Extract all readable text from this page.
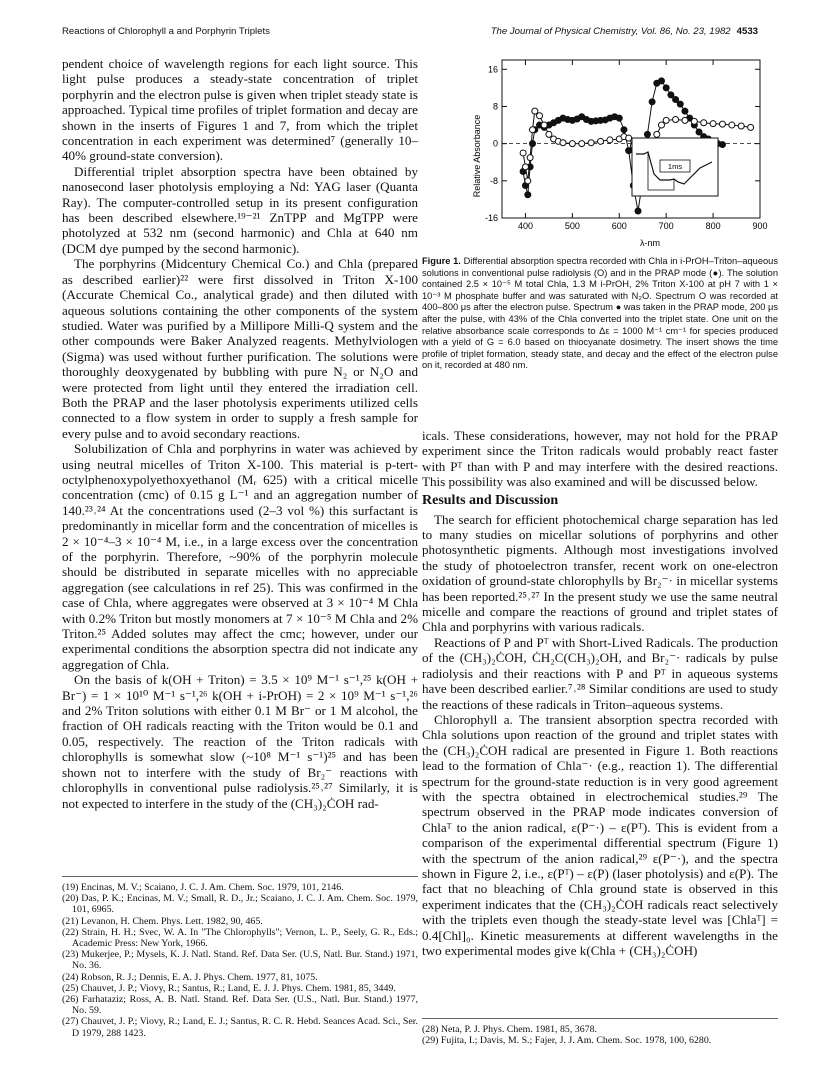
Reactions of Chlorophyll a and Porphyrin Triplets	The Journal of Physical Chemistry, Vol. 86, No. 23, 1982 4533

pendent choice of wavelength regions for each light source. This light pulse produces a steady-state concentration of triplet porphyrin and the electron pulse is given when triplet steady state is approached. Typical time profiles of triplet formation and decay are shown in the inserts of Figures 1 and 7, from which the triplet concentration in each experiment was determined⁷ (generally 10–40% ground-state conversion).

Differential triplet absorption spectra have been obtained by nanosecond laser photolysis employing a Nd: YAG laser (Quanta Ray). The computer-controlled setup in its present configuration has been described elsewhere.¹⁹⁻²¹ ZnTPP and MgTPP were photolyzed at 532 nm (second harmonic) and Chla at 640 nm (DCM dye pumped by the second harmonic).

The porphyrins (Midcentury Chemical Co.) and Chla (prepared as described earlier)²² were first dissolved in Triton X-100 (Accurate Chemical Co., analytical grade) and then diluted with aqueous solutions containing the other components of the system studied. Water was purified by a Millipore Milli-Q system and the other compounds were Baker Analyzed reagents. Methylviologen (Sigma) was used without further purification. The solutions were thoroughly deoxygenated by bubbling with pure N₂ or N₂O and were protected from light until they entered the irradiation cell. Both the PRAP and the laser photolysis experiments utilized cells connected to a flow system in order to supply a fresh sample for every pulse and to avoid secondary reactions.

Solubilization of Chla and porphyrins in water was achieved by using neutral micelles of Triton X-100. This material is p-tert-octylphenoxypolyethoxyethanol (Mᵣ 625) with a critical micelle concentration (cmc) of 0.15 g L⁻¹ and an aggregation number of 140.²³˒²⁴ At the concentrations used (2–3 vol %) this surfactant is predominantly in micellar form and the concentration of micelles is 2 × 10⁻⁴–3 × 10⁻⁴ M, i.e., in a large excess over the concentration of the porphyrin. Therefore, ~90% of the porphyrin molecule should be distributed in separate micelles with no appreciable aggregation (see calculations in ref 25). This was confirmed in the case of Chla, where aggregates were observed at 3 × 10⁻⁴ M Chla with 0.2% Triton but mostly monomers at 7 × 10⁻⁵ M Chla and 2% Triton.²⁵ Added solutes may affect the cmc; however, under our experimental conditions the absorption spectra did not indicate any aggregation of Chla.

On the basis of k(OH + Triton) = 3.5 × 10⁹ M⁻¹ s⁻¹,²⁵ k(OH + Br⁻) = 1 × 10¹⁰ M⁻¹ s⁻¹,²⁶ k(OH + i-PrOH) = 2 × 10⁹ M⁻¹ s⁻¹,²⁶ and 2% Triton solutions with either 0.1 M Br⁻ or 1 M alcohol, the fraction of OH radicals reacting with the Triton would be 0.1 and 0.05, respectively. The reaction of the Triton radicals with chlorophylls is somewhat slow (~10⁸ M⁻¹ s⁻¹)²⁵ and has been shown not to interfere with the study of Br₂⁻ reactions with chlorophylls in conventional pulse radiolysis.²⁵˒²⁷ Similarly, it is not expected to interfere in the study of the (CH₃)₂ĊOH rad-

(19) Encinas, M. V.; Scaiano, J. C. J. Am. Chem. Soc. 1979, 101, 2146.

(20) Das, P. K.; Encinas, M. V.; Small, R. D., Jr.; Scaiano, J. C. J. Am. Chem. Soc. 1979, 101, 6965.

(21) Levanon, H. Chem. Phys. Lett. 1982, 90, 465.

(22) Strain, H. H.; Svec, W. A. In "The Chlorophylls"; Vernon, L. P., Seely, G. R., Eds.; Academic Press: New York, 1966.

(23) Mukerjee, P.; Mysels, K. J. Natl. Stand. Ref. Data Ser. (U.S, Natl. Bur. Stand.) 1971, No. 36.

(24) Robson, R. J.; Dennis, E. A. J. Phys. Chem. 1977, 81, 1075.

(25) Chauvet, J. P.; Viovy, R.; Santus, R.; Land, E. J. J. Phys. Chem. 1981, 85, 3449.

(26) Farhataziz; Ross, A. B. Natl. Stand. Ref. Data Ser. (U.S., Natl. Bur. Stand.) 1977, No. 59.

(27) Chauvet, J. P.; Viovy, R.; Land, E. J.; Santus, R. C. R. Hebd. Seances Acad. Sci., Ser. D 1979, 288 1423.

400	500	600	700	800	900
16
8
0
-8
-16
1ms
λ-nm
Relative Absorbance
Figure 1. Differential absorption spectra recorded with Chla in i-PrOH–Triton–aqueous solutions in conventional pulse radiolysis (O) and in the PRAP mode (●). The solution contained 2.5 × 10⁻⁵ M total Chla, 1.3 M i-PrOH, 2% Triton X-100 at pH 7 with 1 × 10⁻³ M phosphate buffer and was saturated with N₂O. Spectrum O was recorded at 400–800 μs after the electron pulse. Spectrum ● was taken in the PRAP mode, 200 μs after the pulse, with 43% of the Chla converted into the triplet state. One unit on the relative absorbance scale corresponds to Δε = 1000 M⁻¹ cm⁻¹ for species produced with a yield of G = 6.0 based on thiocyanate dosimetry. The insert shows the time profile of triplet formation, steady state, and decay and the effect of the electron pulse on it, recorded at 480 nm.

icals. These considerations, however, may not hold for the PRAP experiment since the Triton radicals would probably react faster with Pᵀ than with P and may interfere with the desired reactions. This possibility was also examined and will be discussed below.

Results and Discussion

The search for efficient photochemical charge separation has led to many studies on micellar solutions of porphyrins and other photosynthetic pigments. Although most investigations involved the study of photoelectron transfer, recent work on one-electron oxidation of ground-state chlorophylls by Br₂⁻· in micellar systems has been reported.²⁵˒²⁷ In the present study we use the same neutral micelle and compare the reactions of ground and triplet states of Chla and porphyrins with various radicals.

Reactions of P and Pᵀ with Short-Lived Radicals. The production of the (CH₃)₂ĊOH, ĊH₂C(CH₃)₂OH, and Br₂⁻· radicals by pulse radiolysis and their reactions with P and Pᵀ in aqueous systems have been described earlier.⁷˒²⁸ Similar conditions are used to study the reactions of these radicals in Triton–aqueous systems.

Chlorophyll a. The transient absorption spectra recorded with Chla solutions upon reaction of the ground and triplet states with the (CH₃)₂ĊOH radical are presented in Figure 1. Both reactions lead to the formation of Chla⁻· (e.g., reaction 1). The differential spectrum for the ground-state reduction is in very good agreement with the spectra obtained in electrochemical studies.²⁹ The spectrum observed in the PRAP mode indicates conversion of Chlaᵀ to the anion radical, ε(P⁻·) – ε(Pᵀ). This is evident from a comparison of the experimental differential spectrum (Figure 1) with the spectrum of the anion radical,²⁹ ε(P⁻·), and the spectra shown in Figure 2, i.e., ε(Pᵀ) – ε(P) (laser photolysis) and ε(P). The fact that no bleaching of Chla ground state is observed in this experiment indicates that the (CH₃)₂ĊOH radicals react selectively with the triplets even though the steady-state level was [Chlaᵀ] = 0.4[Chl]₀. Kinetic measurements at different wavelengths in the two experimental modes give k(Chla + (CH₃)₂ĊOH)

(28) Neta, P. J. Phys. Chem. 1981, 85, 3678.

(29) Fujita, I.; Davis, M. S.; Fajer, J. J. Am. Chem. Soc. 1978, 100, 6280.
